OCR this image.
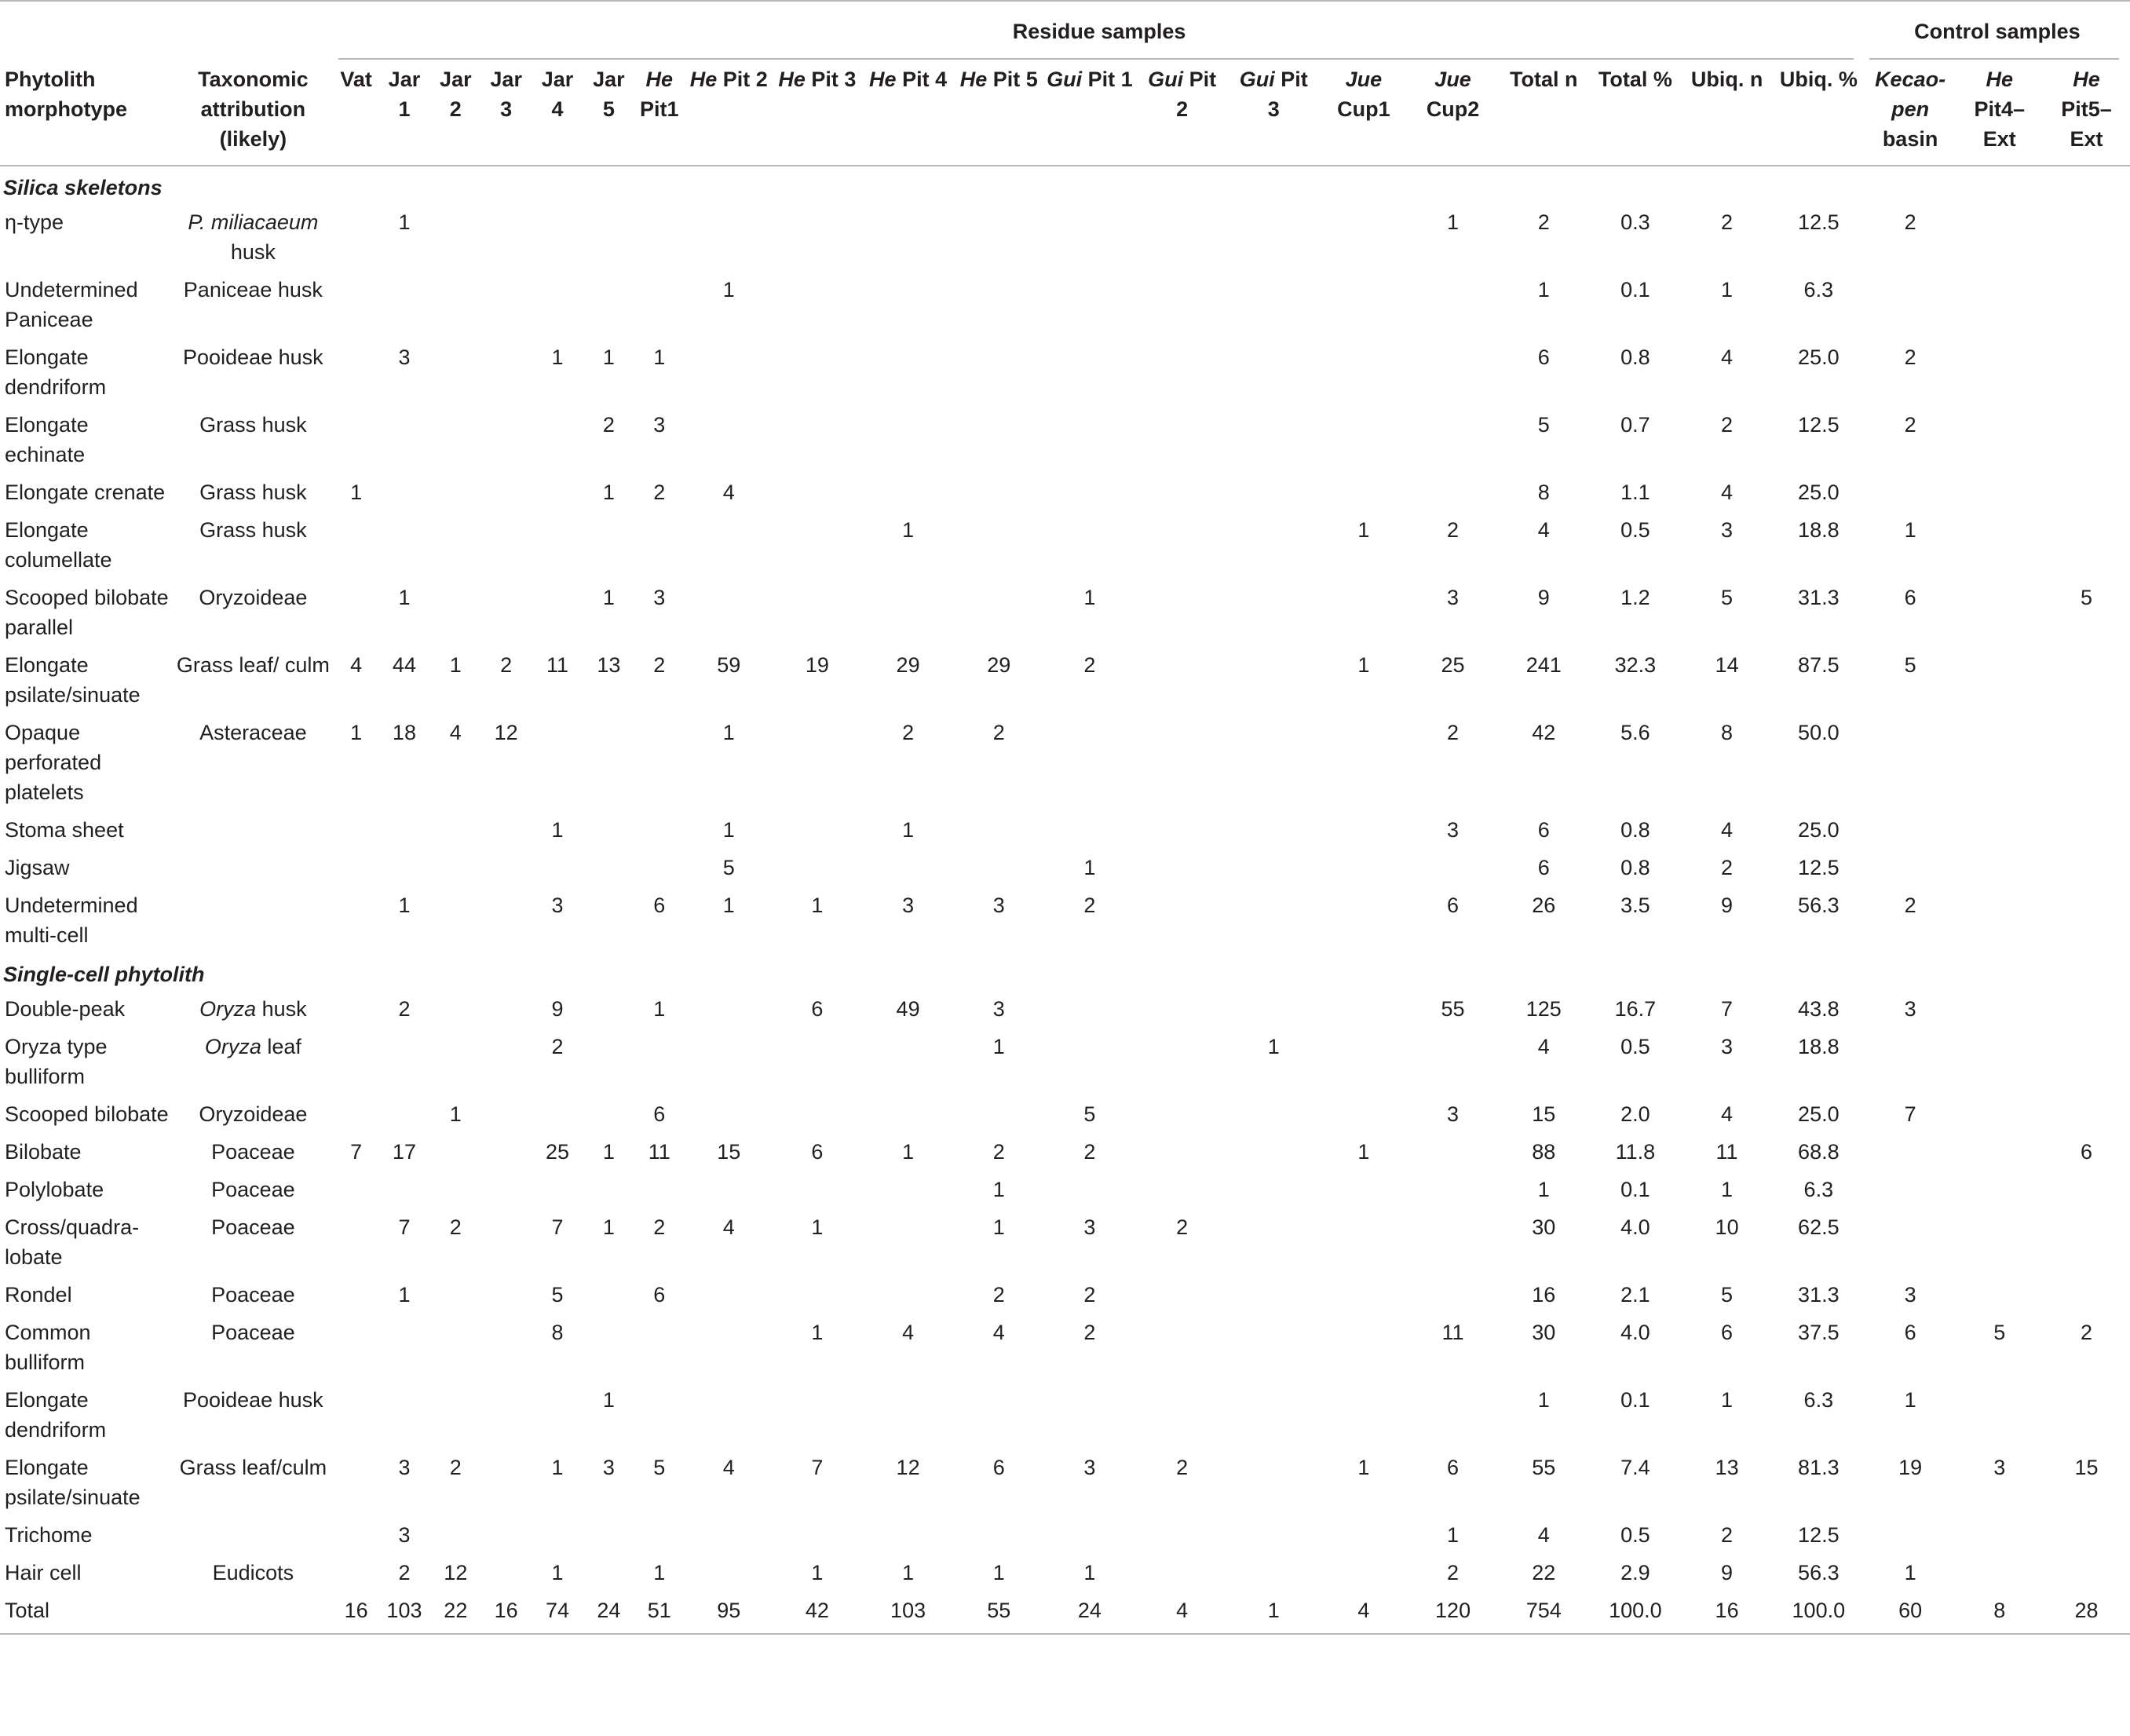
		Residue samples																				Control samples		
Phytolith morphotype	Taxonomic attribution (likely)	Vat	Jar 1	Jar 2	Jar 3	Jar 4	Jar 5	He Pit1	He Pit 2	He Pit 3	He Pit 4	He Pit 5	Gui Pit 1	Gui Pit 2	Gui Pit 3	Jue Cup1	Jue Cup2	Total n	Total %	Ubiq. n	Ubiq. %	Kecao-pen basin	He Pit4–Ext	He Pit5–Ext
Silica skeletons																								
η-type	P. miliacaeum husk		1														1	2	0.3	2	12.5	2		
Undetermined Paniceae	Paniceae husk								1									1	0.1	1	6.3			
Elongate dendriform	Pooideae husk		3			1	1	1										6	0.8	4	25.0	2		
Elongate echinate	Grass husk						2	3										5	0.7	2	12.5	2		
Elongate crenate	Grass husk	1					1	2	4									8	1.1	4	25.0			
Elongate columellate	Grass husk										1					1	2	4	0.5	3	18.8	1		
Scooped bilobate parallel	Oryzoideae		1				1	3					1				3	9	1.2	5	31.3	6		5
Elongate psilate/sinuate	Grass leaf/ culm	4	44	1	2	11	13	2	59	19	29	29	2			1	25	241	32.3	14	87.5	5		
Opaque perforated platelets	Asteraceae	1	18	4	12				1		2	2					2	42	5.6	8	50.0			
Stoma sheet						1			1		1						3	6	0.8	4	25.0			
Jigsaw									5				1					6	0.8	2	12.5			
Undetermined multi-cell			1			3		6	1	1	3	3	2				6	26	3.5	9	56.3	2		
Single-cell phytolith																								
Double-peak	Oryza husk		2			9		1		6	49	3					55	125	16.7	7	43.8	3		
Oryza type bulliform	Oryza leaf					2						1			1			4	0.5	3	18.8			
Scooped bilobate	Oryzoideae			1				6					5				3	15	2.0	4	25.0	7		
Bilobate	Poaceae	7	17			25	1	11	15	6	1	2	2			1		88	11.8	11	68.8			6
Polylobate	Poaceae											1						1	0.1	1	6.3			
Cross/quadra-lobate	Poaceae		7	2		7	1	2	4	1		1	3	2				30	4.0	10	62.5			
Rondel	Poaceae		1			5		6				2	2					16	2.1	5	31.3	3		
Common bulliform	Poaceae					8				1	4	4	2				11	30	4.0	6	37.5	6	5	2
Elongate dendriform	Pooideae husk						1											1	0.1	1	6.3	1		
Elongate psilate/sinuate	Grass leaf/culm		3	2		1	3	5	4	7	12	6	3	2		1	6	55	7.4	13	81.3	19	3	15
Trichome			3														1	4	0.5	2	12.5			
Hair cell	Eudicots		2	12		1		1		1	1	1	1				2	22	2.9	9	56.3	1		
Total		16	103	22	16	74	24	51	95	42	103	55	24	4	1	4	120	754	100.0	16	100.0	60	8	28
